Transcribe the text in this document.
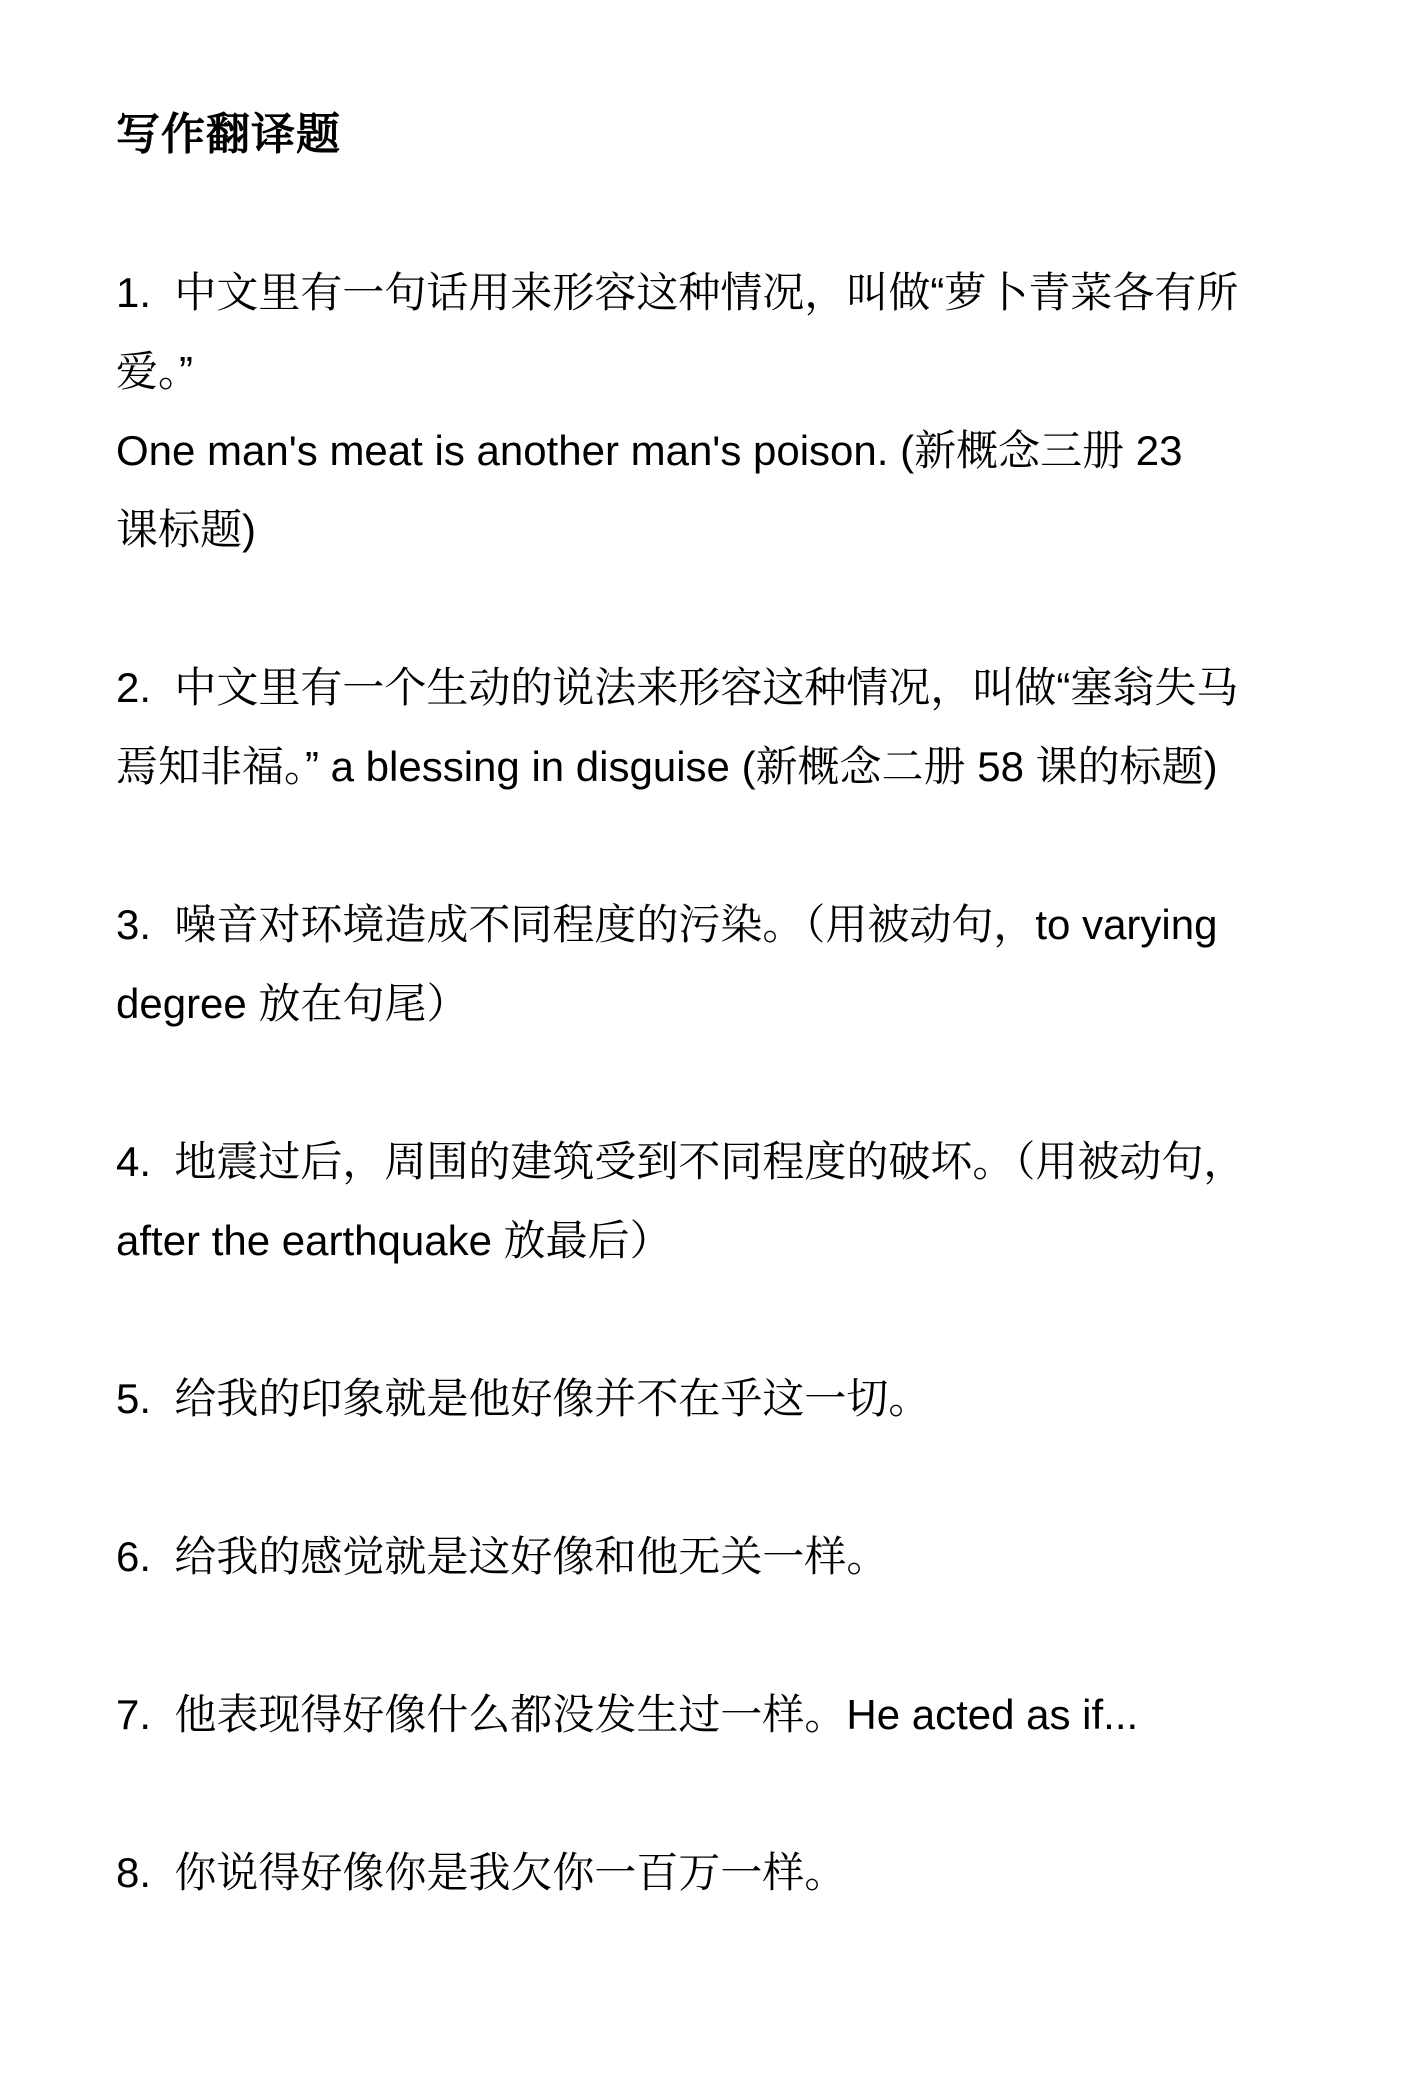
写作翻译题
1.  中文里有一句话用来形容这种情况，叫做“萝卜青菜各有所
爱。”
One man's meat is another man's poison. (新概念三册 23
课标题)
2.  中文里有一个生动的说法来形容这种情况，叫做“塞翁失马
焉知非福。” a blessing in disguise (新概念二册 58 课的标题)
3.  噪音对环境造成不同程度的污染。（用被动句，to varying
degree 放在句尾）
4.  地震过后，周围的建筑受到不同程度的破坏。（用被动句，
after the earthquake 放最后）
5.  给我的印象就是他好像并不在乎这一切。
6.  给我的感觉就是这好像和他无关一样。
7.  他表现得好像什么都没发生过一样。He acted as if...
8.  你说得好像你是我欠你一百万一样。
